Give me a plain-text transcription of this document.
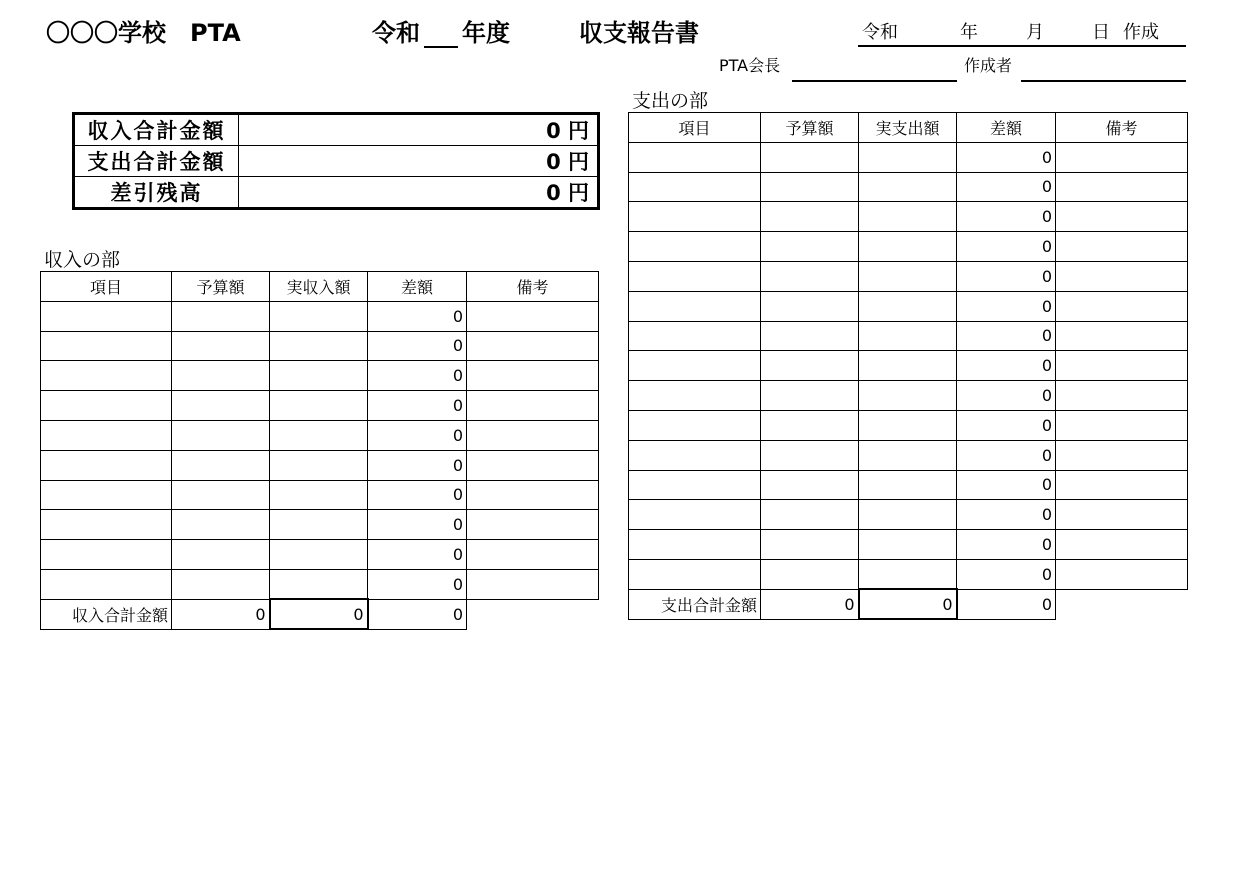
〇〇〇学校　PTA	令和 年度	収支報告書	令和	年	月	日 作成
PTA会長	作成者
収入合計金額	0 円
支出合計金額	0 円
差引残高	0 円
収入の部
項目	予算額	実収入額	差額	備考
			0	
			0	
			0	
			0	
			0	
			0	
			0	
			0	
			0	
			0	
収入合計金額	0	0	0	
支出の部
項目	予算額	実支出額	差額	備考
			0	
			0	
			0	
			0	
			0	
			0	
			0	
			0	
			0	
			0	
			0	
			0	
			0	
			0	
			0	
支出合計金額	0	0	0	
